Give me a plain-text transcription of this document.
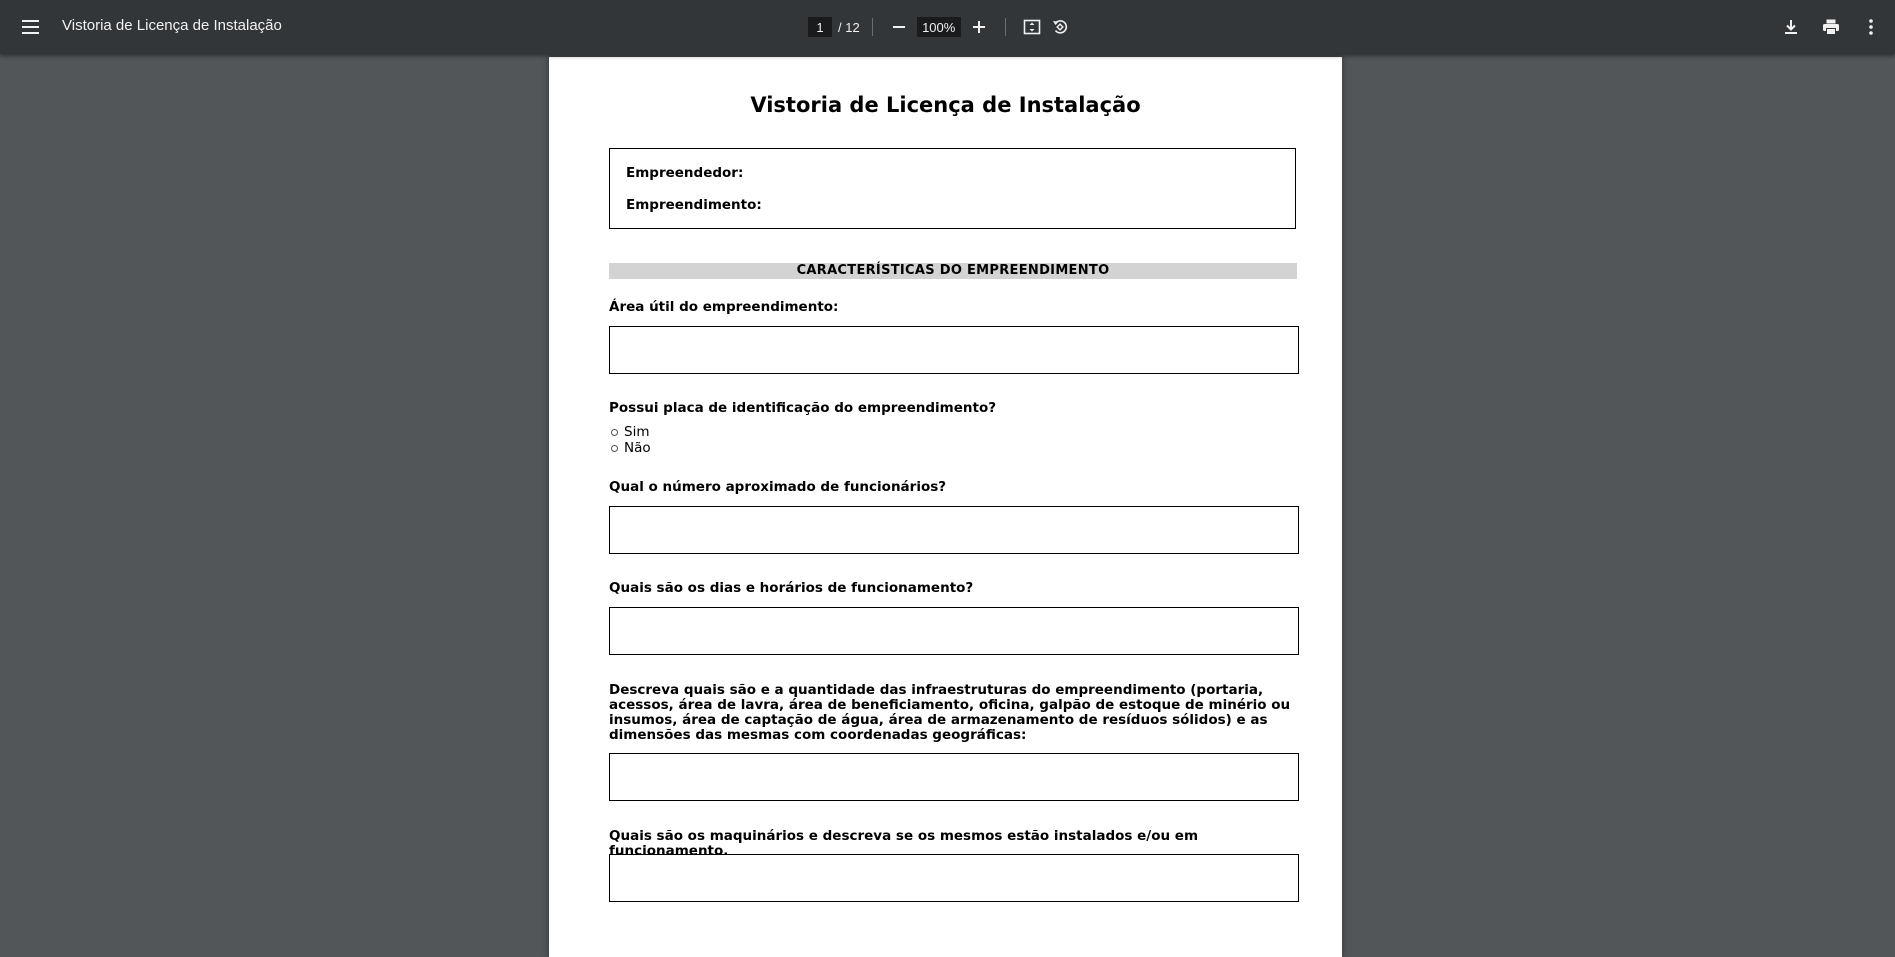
Vistoria de Licença de Instalação
1	/ 12
100%
Vistoria de Licença de Instalação
Empreendedor:
Empreendimento:
CARACTERÍSTICAS DO EMPREENDIMENTO
Área útil do empreendimento:
Possui placa de identificação do empreendimento?
Sim
Não
Qual o número aproximado de funcionários?
Quais são os dias e horários de funcionamento?
Descreva quais são e a quantidade das infraestruturas do empreendimento (portaria, acessos, área de lavra, área de beneficiamento, oficina, galpão de estoque de minério ou insumos, área de captação de água, área de armazenamento de resíduos sólidos) e as dimensões das mesmas com coordenadas geográficas:
Quais são os maquinários e descreva se os mesmos estão instalados e/ou em funcionamento.
